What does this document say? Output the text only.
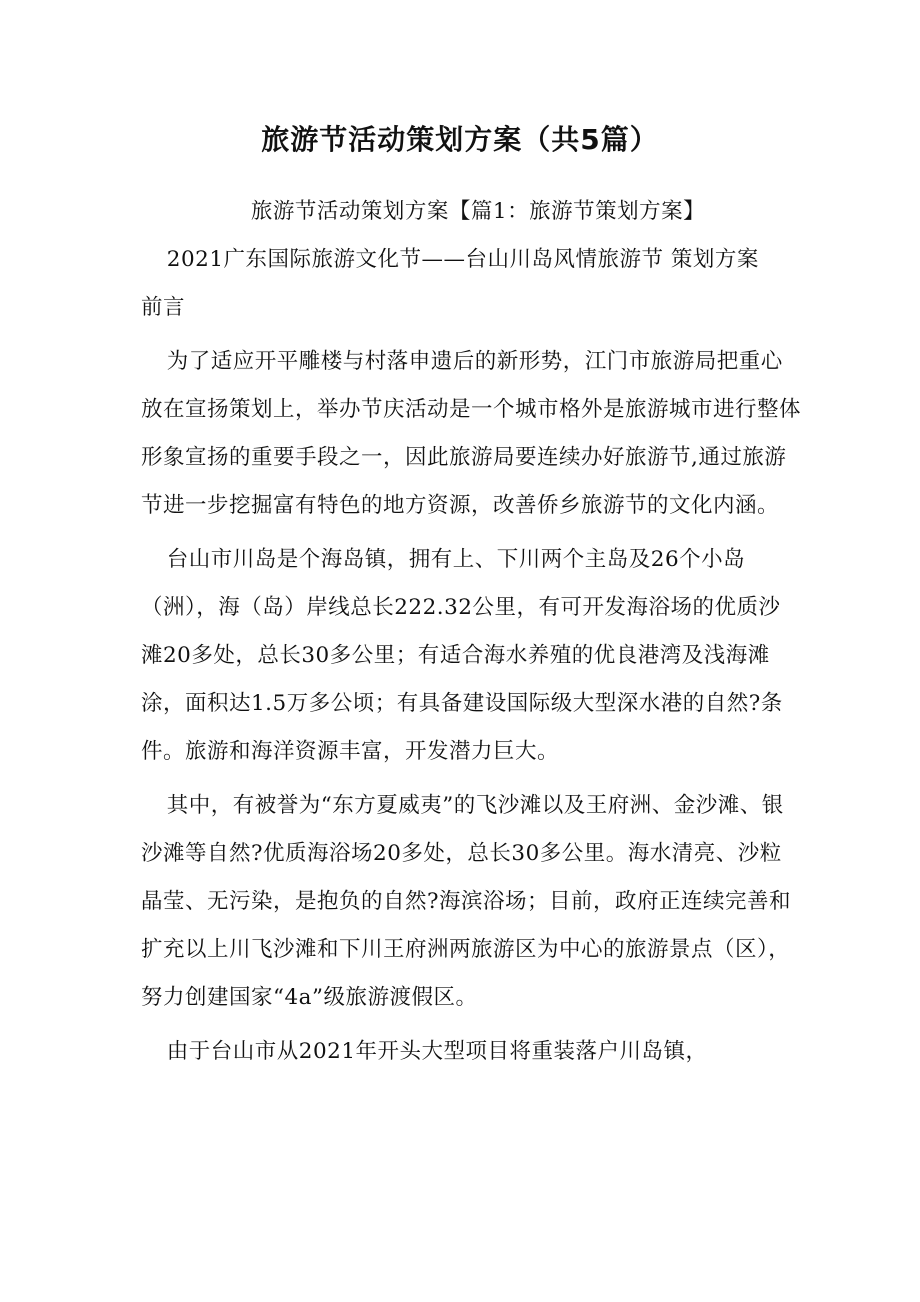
旅游节活动策划方案（共5篇）

旅游节活动策划方案【篇1：旅游节策划方案】

2021广东国际旅游文化节——台山川岛风情旅游节 策划方案　前言

为了适应开平雕楼与村落申遗后的新形势，江门市旅游局把重心放在宣扬策划上，举办节庆活动是一个城市格外是旅游城市进行整体形象宣扬的重要手段之一，因此旅游局要连续办好旅游节,通过旅游节进一步挖掘富有特色的地方资源，改善侨乡旅游节的文化内涵。

台山市川岛是个海岛镇，拥有上、下川两个主岛及26个小岛（洲），海（岛）岸线总长222.32公里，有可开发海浴场的优质沙滩20多处，总长30多公里；有适合海水养殖的优良港湾及浅海滩涂，面积达1.5万多公顷；有具备建设国际级大型深水港的自然?条件。旅游和海洋资源丰富，开发潜力巨大。

其中，有被誉为“东方夏威夷”的飞沙滩以及王府洲、金沙滩、银沙滩等自然?优质海浴场20多处，总长30多公里。海水清亮、沙粒晶莹、无污染，是抱负的自然?海滨浴场；目前，政府正连续完善和扩充以上川飞沙滩和下川王府洲两旅游区为中心的旅游景点（区），努力创建国家“4a”级旅游渡假区。

由于台山市从2021年开头大型项目将重装落户川岛镇，
